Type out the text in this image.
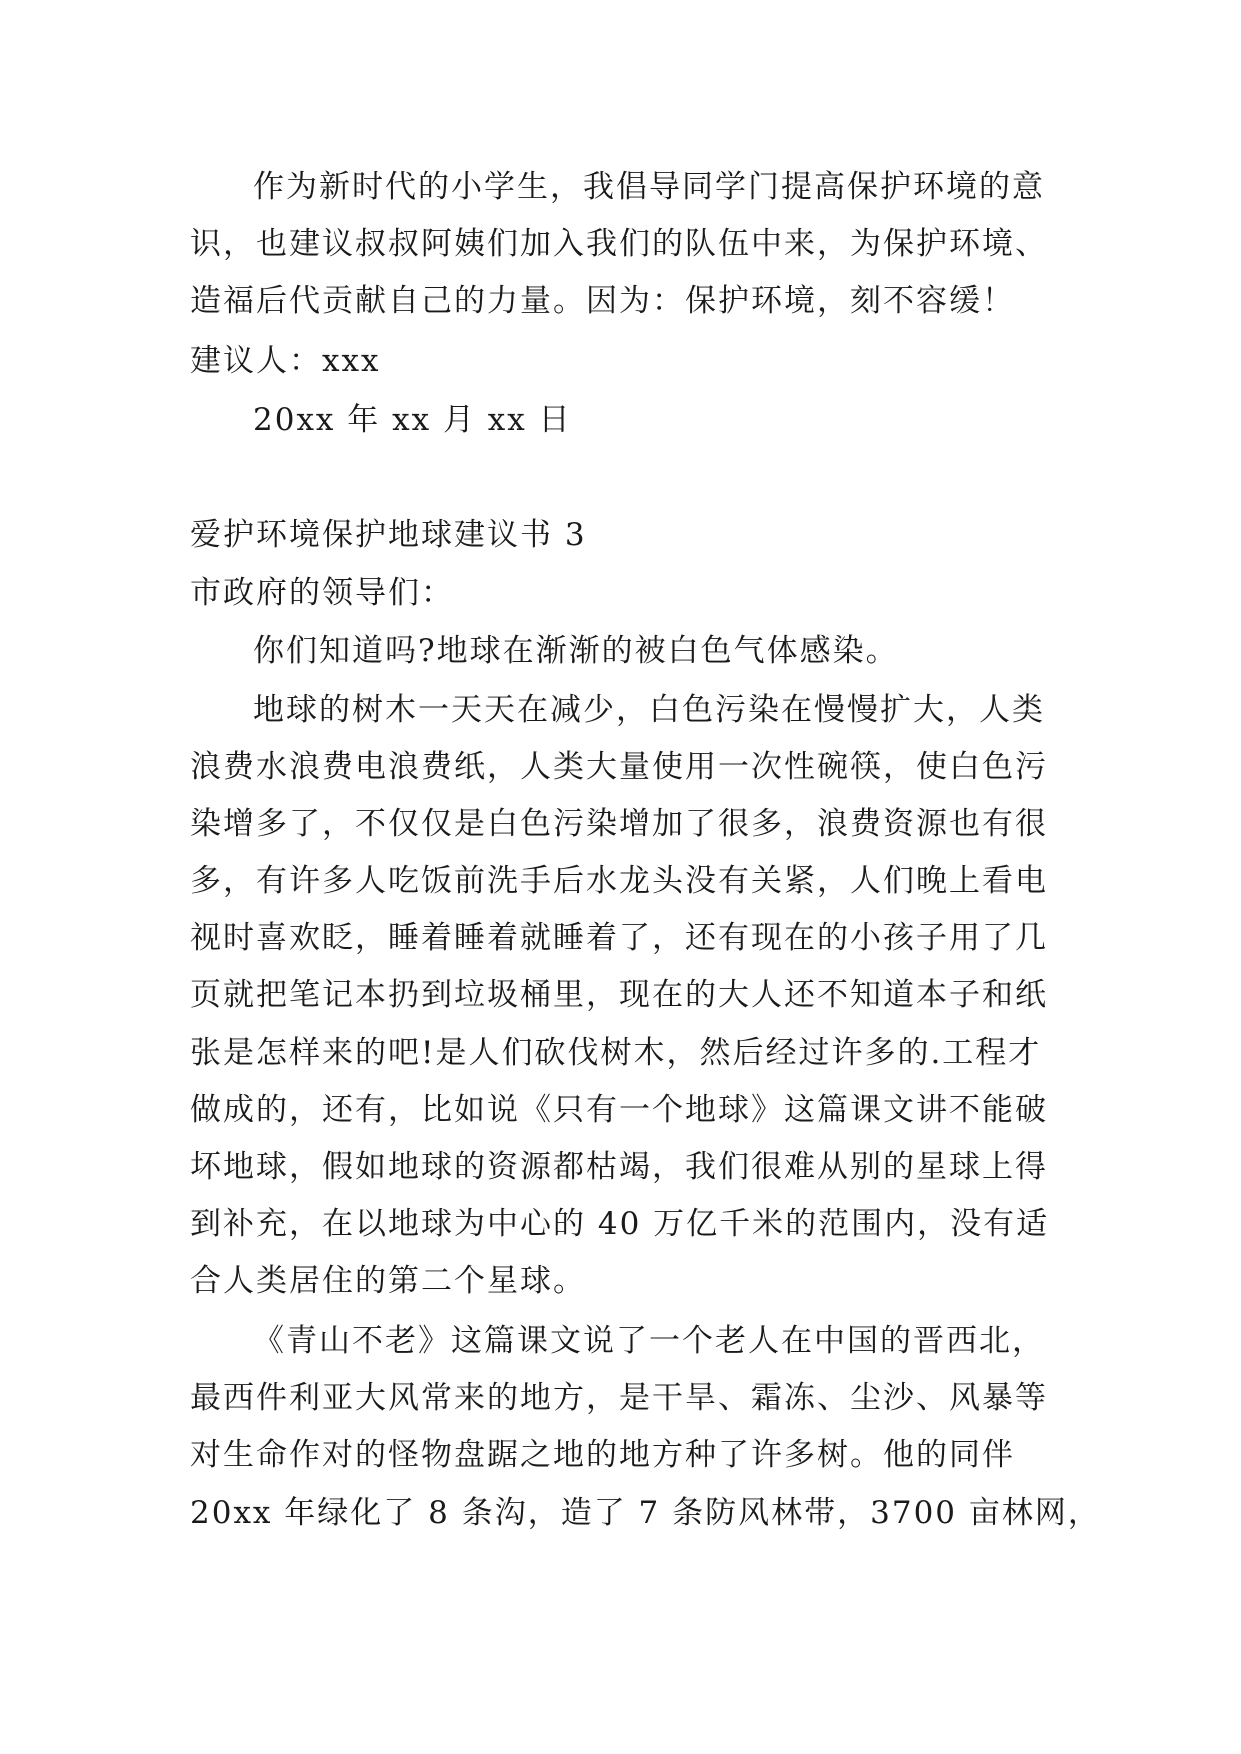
作为新时代的小学生，我倡导同学门提高保护环境的意
识，也建议叔叔阿姨们加入我们的队伍中来，为保护环境、
造福后代贡献自己的力量。因为：保护环境，刻不容缓！
建议人：xxx
20xx 年 xx 月 xx 日
爱护环境保护地球建议书 3
市政府的领导们：
你们知道吗?地球在渐渐的被白色气体感染。
地球的树木一天天在减少，白色污染在慢慢扩大，人类
浪费水浪费电浪费纸，人类大量使用一次性碗筷，使白色污
染增多了，不仅仅是白色污染增加了很多，浪费资源也有很
多，有许多人吃饭前洗手后水龙头没有关紧，人们晚上看电
视时喜欢眨，睡着睡着就睡着了，还有现在的小孩子用了几
页就把笔记本扔到垃圾桶里，现在的大人还不知道本子和纸
张是怎样来的吧!是人们砍伐树木，然后经过许多的.工程才
做成的，还有，比如说《只有一个地球》这篇课文讲不能破
坏地球，假如地球的资源都枯竭，我们很难从别的星球上得
到补充，在以地球为中心的 40 万亿千米的范围内，没有适
合人类居住的第二个星球。
《青山不老》这篇课文说了一个老人在中国的晋西北，
最西件利亚大风常来的地方，是干旱、霜冻、尘沙、风暴等
对生命作对的怪物盘踞之地的地方种了许多树。他的同伴
20xx 年绿化了 8 条沟，造了 7 条防风林带，3700 亩林网，
